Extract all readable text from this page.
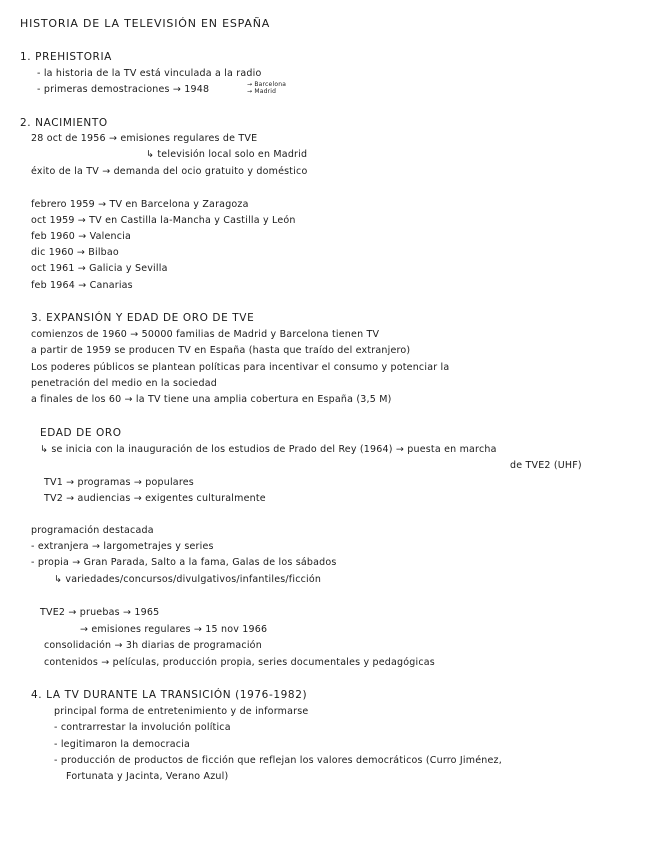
HISTORIA DE LA TELEVISIÓN EN ESPAÑA
1. PREHISTORIA
- la historia de la TV está vinculada a la radio
- primeras demostraciones → 1948	→ Barcelona
→ Madrid
2. NACIMIENTO
28 oct de 1956 → emisiones regulares de TVE
↳ televisión local solo en Madrid
éxito de la TV → demanda del ocio gratuito y doméstico
febrero 1959 → TV en Barcelona y Zaragoza
oct 1959 → TV en Castilla la-Mancha y Castilla y León
feb 1960 → Valencia
dic 1960 → Bilbao
oct 1961 → Galicia y Sevilla
feb 1964 → Canarias
3. EXPANSIÓN Y EDAD DE ORO DE TVE
comienzos de 1960 → 50000 familias de Madrid y Barcelona tienen TV
a partir de 1959 se producen TV en España (hasta que traído del extranjero)
Los poderes públicos se plantean políticas para incentivar el consumo y potenciar la
penetración del medio en la sociedad
a finales de los 60 → la TV tiene una amplia cobertura en España (3,5 M)
EDAD DE ORO
↳ se inicia con la inauguración de los estudios de Prado del Rey (1964) → puesta en marcha
de TVE2 (UHF)
TV1 → programas → populares
TV2 → audiencias → exigentes culturalmente
programación destacada
- extranjera → largometrajes y series
- propia → Gran Parada, Salto a la fama, Galas de los sábados
↳ variedades/concursos/divulgativos/infantiles/ficción
TVE2 → pruebas → 1965
→ emisiones regulares → 15 nov 1966
consolidación → 3h diarias de programación
contenidos → películas, producción propia, series documentales y pedagógicas
4. LA TV DURANTE LA TRANSICIÓN (1976-1982)
principal forma de entretenimiento y de informarse
- contrarrestar la involución política
- legitimaron la democracia
- producción de productos de ficción que reflejan los valores democráticos (Curro Jiménez,
Fortunata y Jacinta, Verano Azul)
